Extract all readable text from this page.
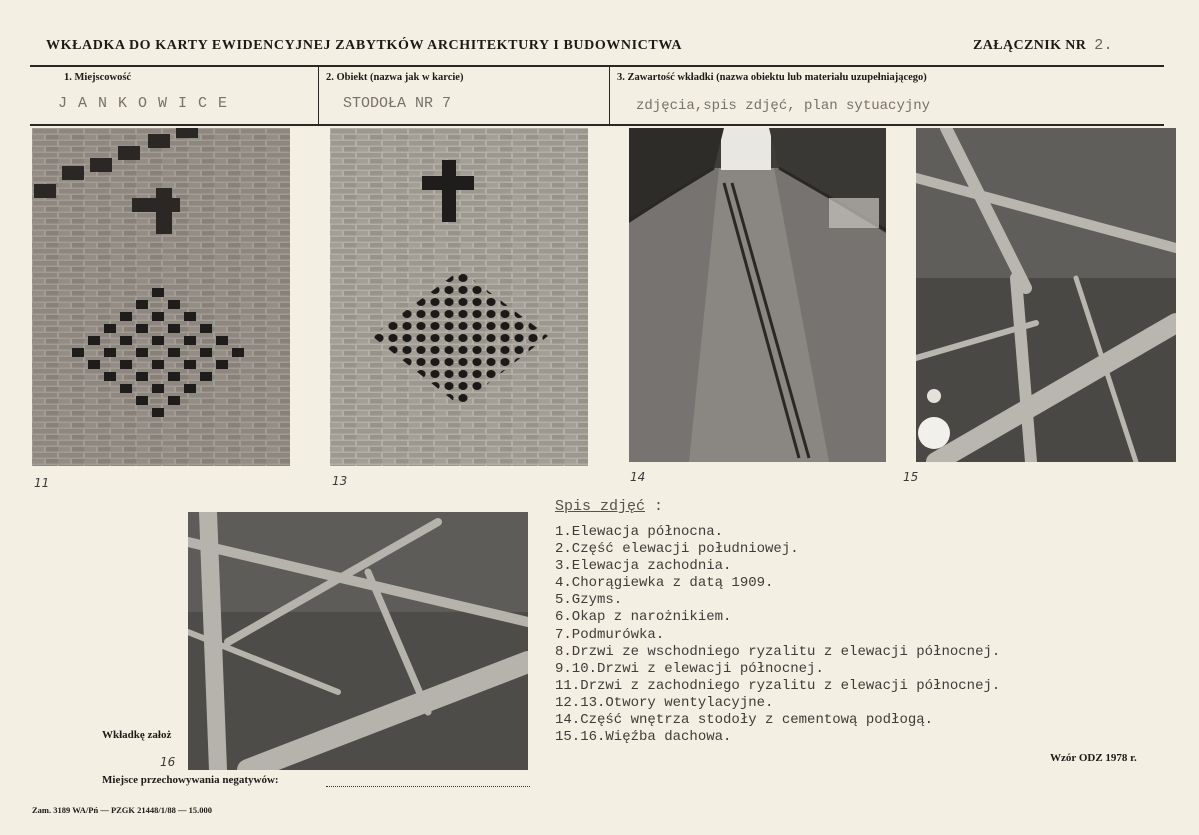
WKŁADKA DO KARTY EWIDENCYJNEJ ZABYTKÓW ARCHITEKTURY I BUDOWNICTWA	ZAŁĄCZNIK NR 2.
1. Miejscowość	2. Obiekt (nazwa jak w karcie)	3. Zawartość wkładki (nazwa obiektu lub materiału uzupełniającego)
J A N K O W I C E	STODOŁA NR 7	zdjęcia,spis zdjęć, plan sytuacyjny
11	13	14	15
16
Spis zdjęć :
1.Elewacja północna.
2.Część elewacji południowej.
3.Elewacja zachodnia.
4.Chorągiewka z datą 1909.
5.Gzyms.
6.Okap z narożnikiem.
7.Podmurówka.
8.Drzwi ze wschodniego ryzalitu z elewacji północnej.
9.10.Drzwi z elewacji północnej.
11.Drzwi z zachodniego ryzalitu z elewacji północnej.
12.13.Otwory wentylacyjne.
14.Część wnętrza stodoły z cementową podłogą.
15.16.Więźba dachowa.
Wkładkę założ
Miejsce przechowywania negatywów:
Wzór ODZ 1978 r.
Zam. 3189 WA/Pń — PZGK 21448/1/88 — 15.000
